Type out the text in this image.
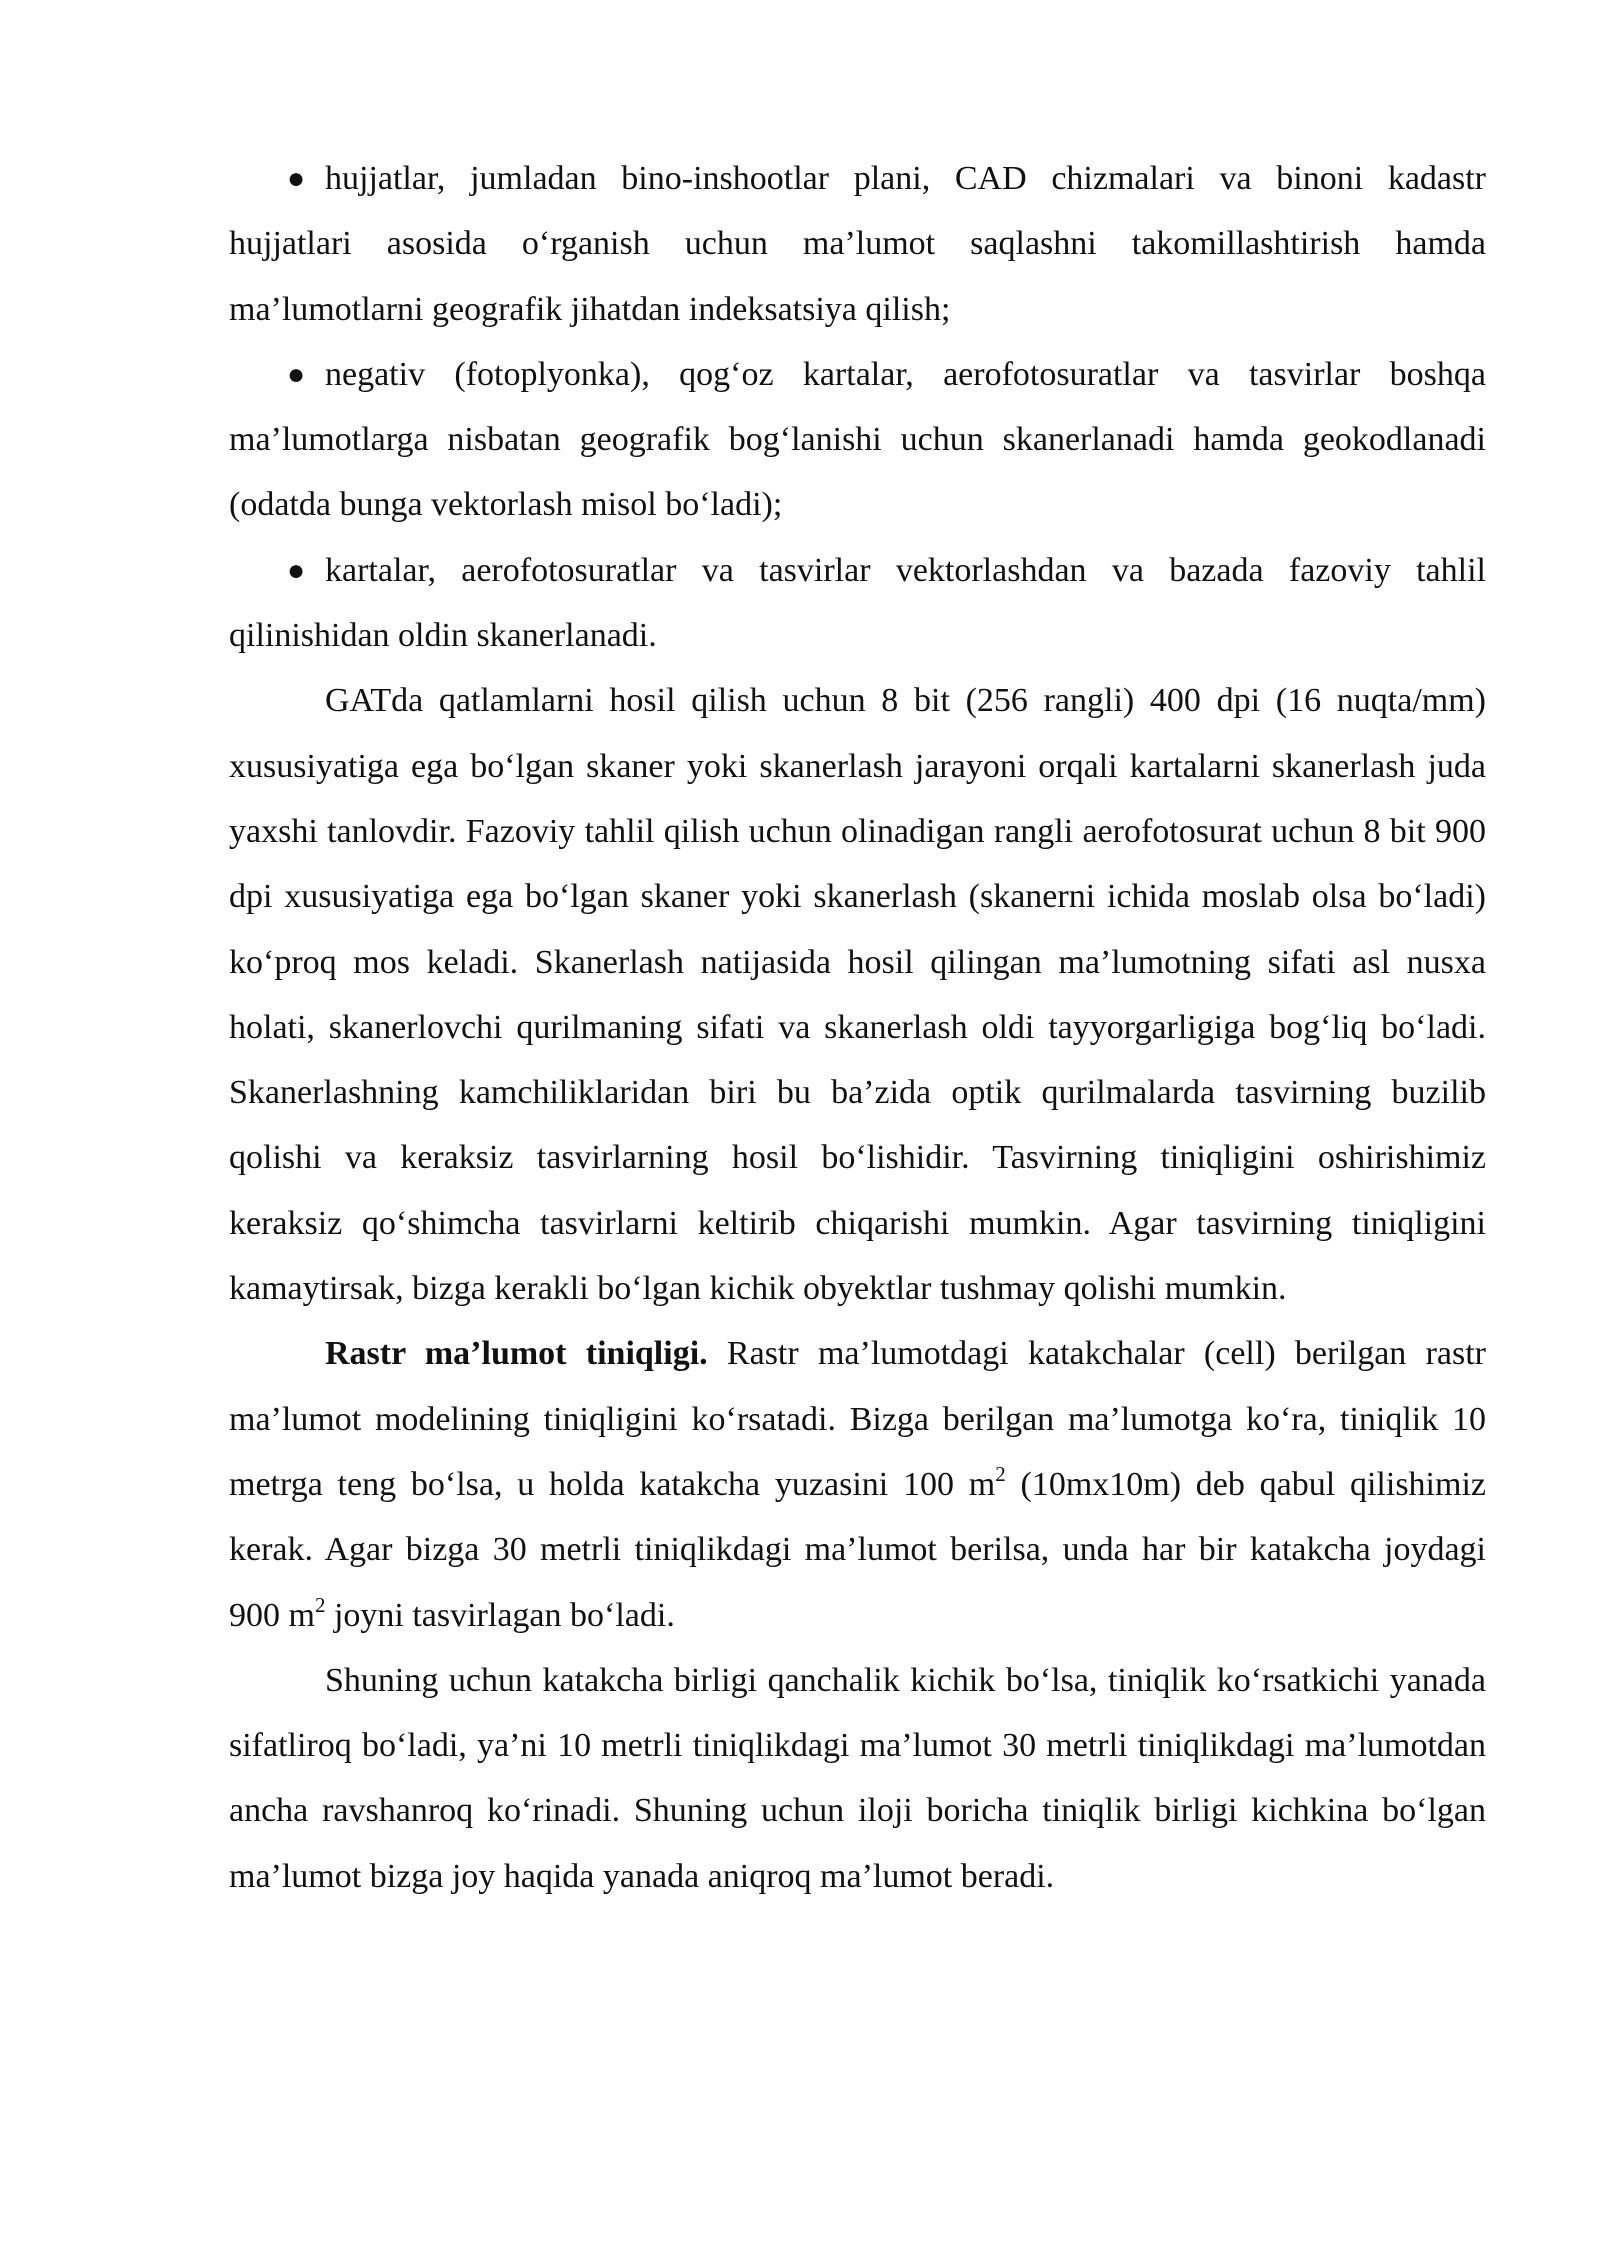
● hujjatlar, jumladan bino-inshootlar plani, CAD chizmalari va binoni kadastr hujjatlari asosida o‘rganish uchun ma’lumot saqlashni takomillashtirish hamda ma’lumotlarni geografik jihatdan indeksatsiya qilish;

● negativ (fotoplyonka), qog‘oz kartalar, aerofotosuratlar va tasvirlar boshqa ma’lumotlarga nisbatan geografik bog‘lanishi uchun skanerlanadi hamda geokodlanadi (odatda bunga vektorlash misol bo‘ladi);

● kartalar, aerofotosuratlar va tasvirlar vektorlashdan va bazada fazoviy tahlil qilinishidan oldin skanerlanadi.

GATda qatlamlarni hosil qilish uchun 8 bit (256 rangli) 400 dpi (16 nuqta/mm) xususiyatiga ega bo‘lgan skaner yoki skanerlash jarayoni orqali kartalarni skanerlash juda yaxshi tanlovdir. Fazoviy tahlil qilish uchun olinadigan rangli aerofotosurat uchun 8 bit 900 dpi xususiyatiga ega bo‘lgan skaner yoki skanerlash (skanerni ichida moslab olsa bo‘ladi) ko‘proq mos keladi. Skanerlash natijasida hosil qilingan ma’lumotning sifati asl nusxa holati, skanerlovchi qurilmaning sifati va skanerlash oldi tayyorgarligiga bog‘liq bo‘ladi. Skanerlashning kamchiliklaridan biri bu ba’zida optik qurilmalarda tasvirning buzilib qolishi va keraksiz tasvirlarning hosil bo‘lishidir. Tasvirning tiniqligini oshirishimiz keraksiz qo‘shimcha tasvirlarni keltirib chiqarishi mumkin. Agar tasvirning tiniqligini kamaytirsak, bizga kerakli bo‘lgan kichik obyektlar tushmay qolishi mumkin.

Rastr ma’lumot tiniqligi. Rastr ma’lumotdagi katakchalar (cell) berilgan rastr ma’lumot modelining tiniqligini ko‘rsatadi. Bizga berilgan ma’lumotga ko‘ra, tiniqlik 10 metrga teng bo‘lsa, u holda katakcha yuzasini 100 $m^2$ (10mx10m) deb qabul qilishimiz kerak. Agar bizga 30 metrli tiniqlikdagi ma’lumot berilsa, unda har bir katakcha joydagi 900 $m^2$ joyni tasvirlagan bo‘ladi.

Shuning uchun katakcha birligi qanchalik kichik bo‘lsa, tiniqlik ko‘rsatkichi yanada sifatliroq bo‘ladi, ya’ni 10 metrli tiniqlikdagi ma’lumot 30 metrli tiniqlikdagi ma’lumotdan ancha ravshanroq ko‘rinadi. Shuning uchun iloji boricha tiniqlik birligi kichkina bo‘lgan ma’lumot bizga joy haqida yanada aniqroq ma’lumot beradi.
